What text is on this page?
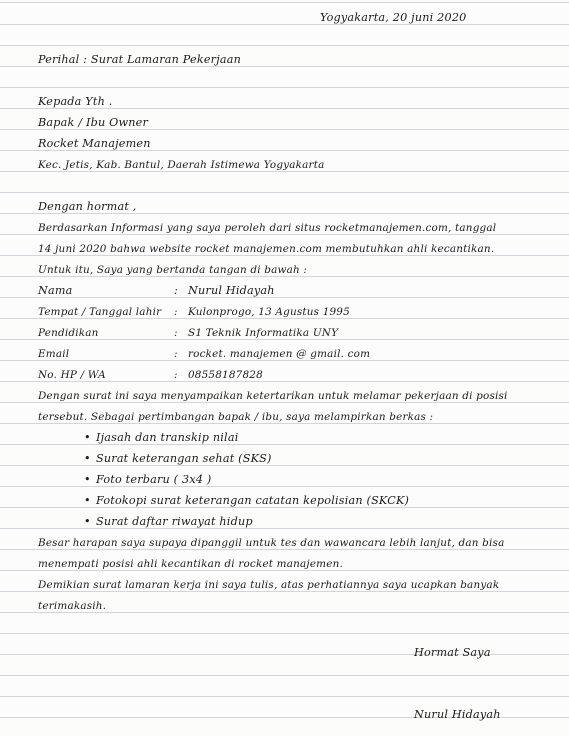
Yogyakarta, 20 juni 2020
Perihal : Surat Lamaran Pekerjaan
Kepada Yth .
Bapak / Ibu Owner
Rocket Manajemen
Kec. Jetis, Kab. Bantul, Daerah Istimewa Yogyakarta
Dengan hormat ,
Berdasarkan Informasi yang saya peroleh dari situs rocketmanajemen.com, tanggal
14 juni 2020 bahwa website rocket manajemen.com membutuhkan ahli kecantikan.
Untuk itu, Saya yang bertanda tangan di bawah :
Nama	: Nurul Hidayah
Tempat / Tanggal lahir : Kulonprogo, 13 Agustus 1995
Pendidikan	: S1 Teknik Informatika UNY
Email	: rocket. manajemen @ gmail. com
No. HP / WA	: 08558187828
Dengan surat ini saya menyampaikan ketertarikan untuk melamar pekerjaan di posisi
tersebut. Sebagai pertimbangan bapak / ibu, saya melampirkan berkas :
• Ijasah dan transkip nilai
• Surat keterangan sehat (SKS)
• Foto terbaru ( 3x4 )
• Fotokopi surat keterangan catatan kepolisian (SKCK)
• Surat daftar riwayat hidup
Besar harapan saya supaya dipanggil untuk tes dan wawancara lebih lanjut, dan bisa
menempati posisi ahli kecantikan di rocket manajemen.
Demikian surat lamaran kerja ini saya tulis, atas perhatiannya saya ucapkan banyak
terimakasih.
Hormat Saya
Nurul Hidayah
